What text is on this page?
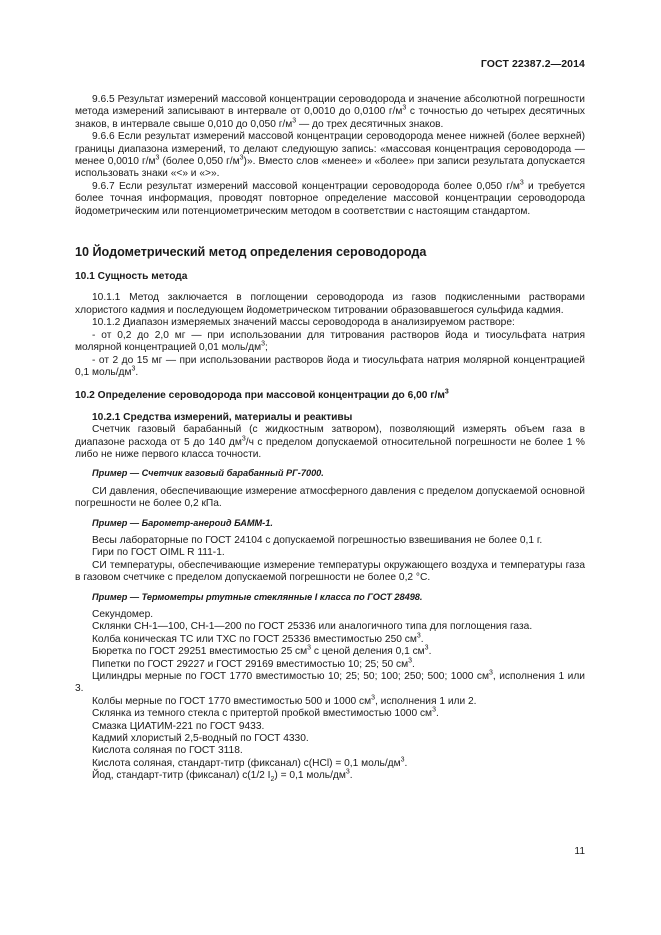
ГОСТ 22387.2—2014

9.6.5 Результат измерений массовой концентрации сероводорода и значение абсолютной погрешности метода измерений записывают в интервале от 0,0010 до 0,0100 $г/м^3$ с точностью до четырех десятичных знаков, в интервале свыше 0,010 до 0,050 $г/м^3$ — до трех десятичных знаков.

9.6.6 Если результат измерений массовой концентрации сероводорода менее нижней (более верхней) границы диапазона измерений, то делают следующую запись: «массовая концентрация сероводорода — менее 0,0010 $г/м^3$ (более 0,050 $г/м^3$)». Вместо слов «менее» и «более» при записи результата допускается использовать знаки «<» и «>».

9.6.7 Если результат измерений массовой концентрации сероводорода более 0,050 $г/м^3$ и требуется более точная информация, проводят повторное определение массовой концентрации сероводорода йодометрическим или потенциометрическим методом в соответствии с настоящим стандартом.

10 Йодометрический метод определения сероводорода

10.1 Сущность метода

10.1.1 Метод заключается в поглощении сероводорода из газов подкисленными растворами хлористого кадмия и последующем йодометрическом титровании образовавшегося сульфида кадмия.

10.1.2 Диапазон измеряемых значений массы сероводорода в анализируемом растворе:

- от 0,2 до 2,0 мг — при использовании для титрования растворов йода и тиосульфата натрия молярной концентрацией 0,01 моль/$дм^3$;

- от 2 до 15 мг — при использовании растворов йода и тиосульфата натрия молярной концентрацией 0,1 моль/$дм^3$.

10.2 Определение сероводорода при массовой концентрации до 6,00 $г/м^3$

10.2.1 Средства измерений, материалы и реактивы

Счетчик газовый барабанный (с жидкостным затвором), позволяющий измерять объем газа в диапазоне расхода от 5 до 140 $дм^3/ч$ с пределом допускаемой относительной погрешности не более 1 % либо не ниже первого класса точности.

Пример — Счетчик газовый барабанный РГ-7000.

СИ давления, обеспечивающие измерение атмосферного давления с пределом допускаемой основной погрешности не более 0,2 кПа.

Пример — Барометр-анероид БАММ-1.

Весы лабораторные по ГОСТ 24104 с допускаемой погрешностью взвешивания не более 0,1 г.

Гири по ГОСТ OIML R 111-1.

СИ температуры, обеспечивающие измерение температуры окружающего воздуха и температуры газа в газовом счетчике с пределом допускаемой погрешности не более 0,2 °С.

Пример — Термометры ртутные стеклянные I класса по ГОСТ 28498.

Секундомер.

Склянки СН-1—100, СН-1—200 по ГОСТ 25336 или аналогичного типа для поглощения газа.

Колба коническая ТС или ТХС по ГОСТ 25336 вместимостью 250 $см^3$.

Бюретка по ГОСТ 29251 вместимостью 25 $см^3$ с ценой деления 0,1 $см^3$.

Пипетки по ГОСТ 29227 и ГОСТ 29169 вместимостью 10; 25; 50 $см^3$.

Цилиндры мерные по ГОСТ 1770 вместимостью 10; 25; 50; 100; 250; 500; 1000 $см^3$, исполнения 1 или 3.

Колбы мерные по ГОСТ 1770 вместимостью 500 и 1000 $см^3$, исполнения 1 или 2.

Склянка из темного стекла с притертой пробкой вместимостью 1000 $см^3$.

Смазка ЦИАТИМ-221 по ГОСТ 9433.

Кадмий хлористый 2,5-водный по ГОСТ 4330.

Кислота соляная по ГОСТ 3118.

Кислота соляная, стандарт-титр (фиксанал) с(HCl) = 0,1 моль/$дм^3$.

Йод, стандарт-титр (фиксанал) с(1/2 $I_2) = 0,1$ моль/$дм^3$.

11
